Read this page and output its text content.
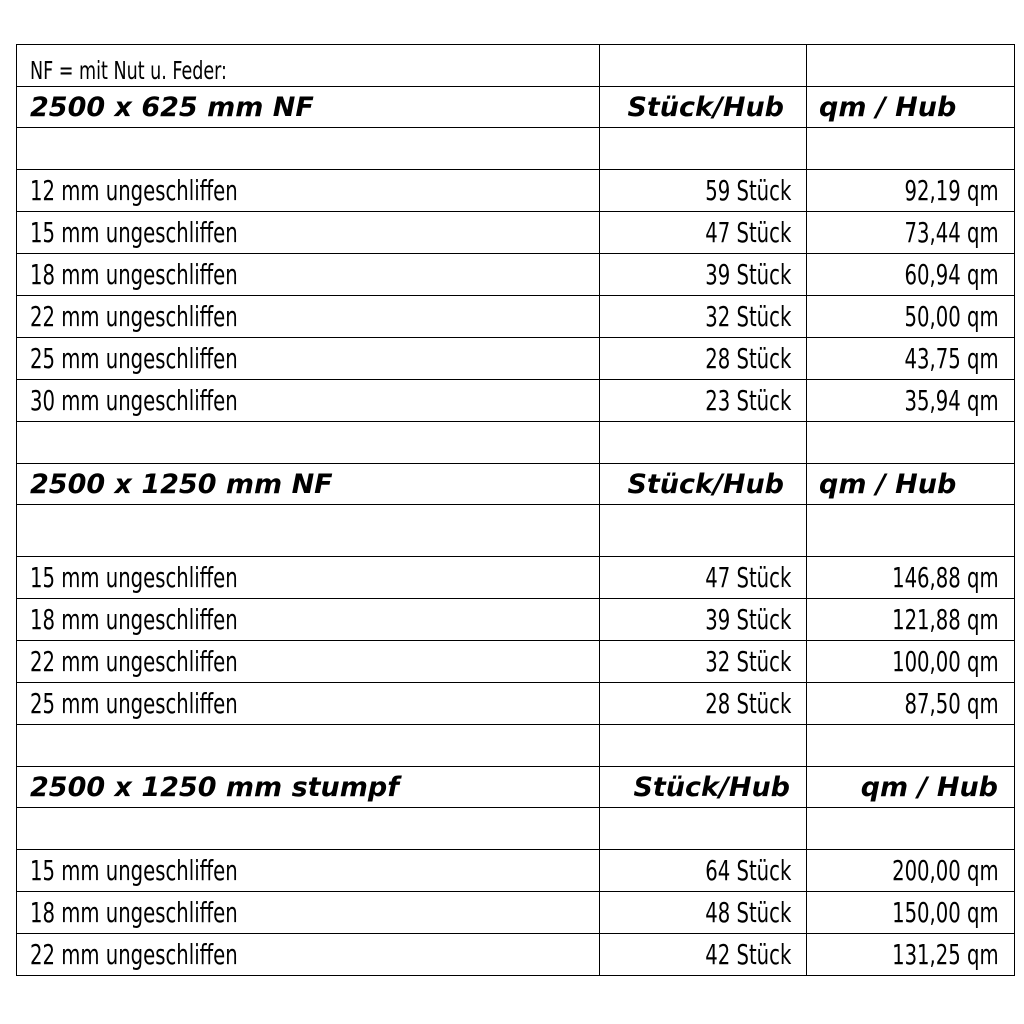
NF = mit Nut u. Feder:		
2500 x 625 mm NF	Stück/Hub	qm / Hub

12 mm ungeschliffen	59 Stück	92,19 qm
15 mm ungeschliffen	47 Stück	73,44 qm
18 mm ungeschliffen	39 Stück	60,94 qm
22 mm ungeschliffen	32 Stück	50,00 qm
25 mm ungeschliffen	28 Stück	43,75 qm
30 mm ungeschliffen	23 Stück	35,94 qm

2500 x 1250 mm NF	Stück/Hub	qm / Hub

15 mm ungeschliffen	47 Stück	146,88 qm
18 mm ungeschliffen	39 Stück	121,88 qm
22 mm ungeschliffen	32 Stück	100,00 qm
25 mm ungeschliffen	28 Stück	87,50 qm

2500 x 1250 mm stumpf	Stück/Hub	qm / Hub

15 mm ungeschliffen	64 Stück	200,00 qm
18 mm ungeschliffen	48 Stück	150,00 qm
22 mm ungeschliffen	42 Stück	131,25 qm
